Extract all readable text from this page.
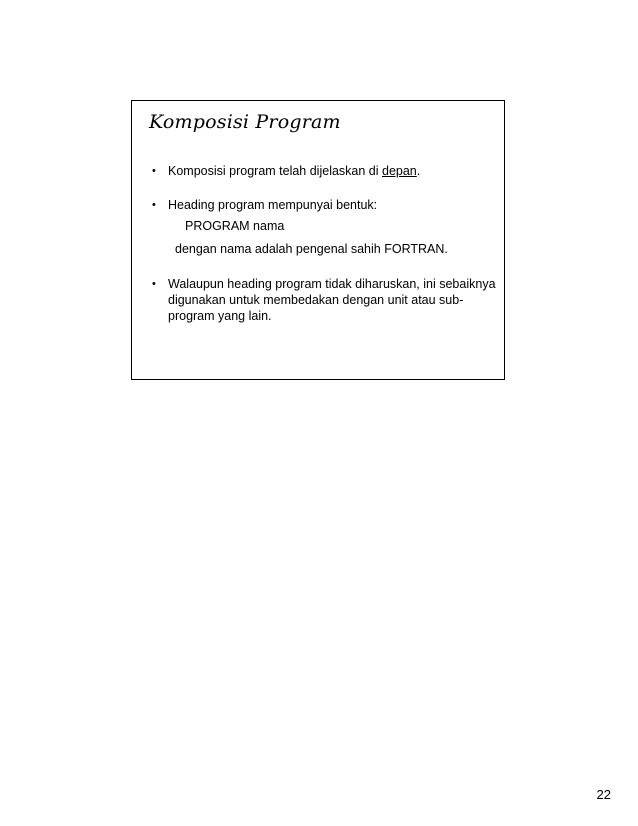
Komposisi Program
• Komposisi program telah dijelaskan di depan.
• Heading program mempunyai bentuk:
PROGRAM nama
dengan nama adalah pengenal sahih FORTRAN.
• Walaupun heading program tidak diharuskan, ini sebaiknya digunakan untuk membedakan dengan unit atau sub-program yang lain.
22
